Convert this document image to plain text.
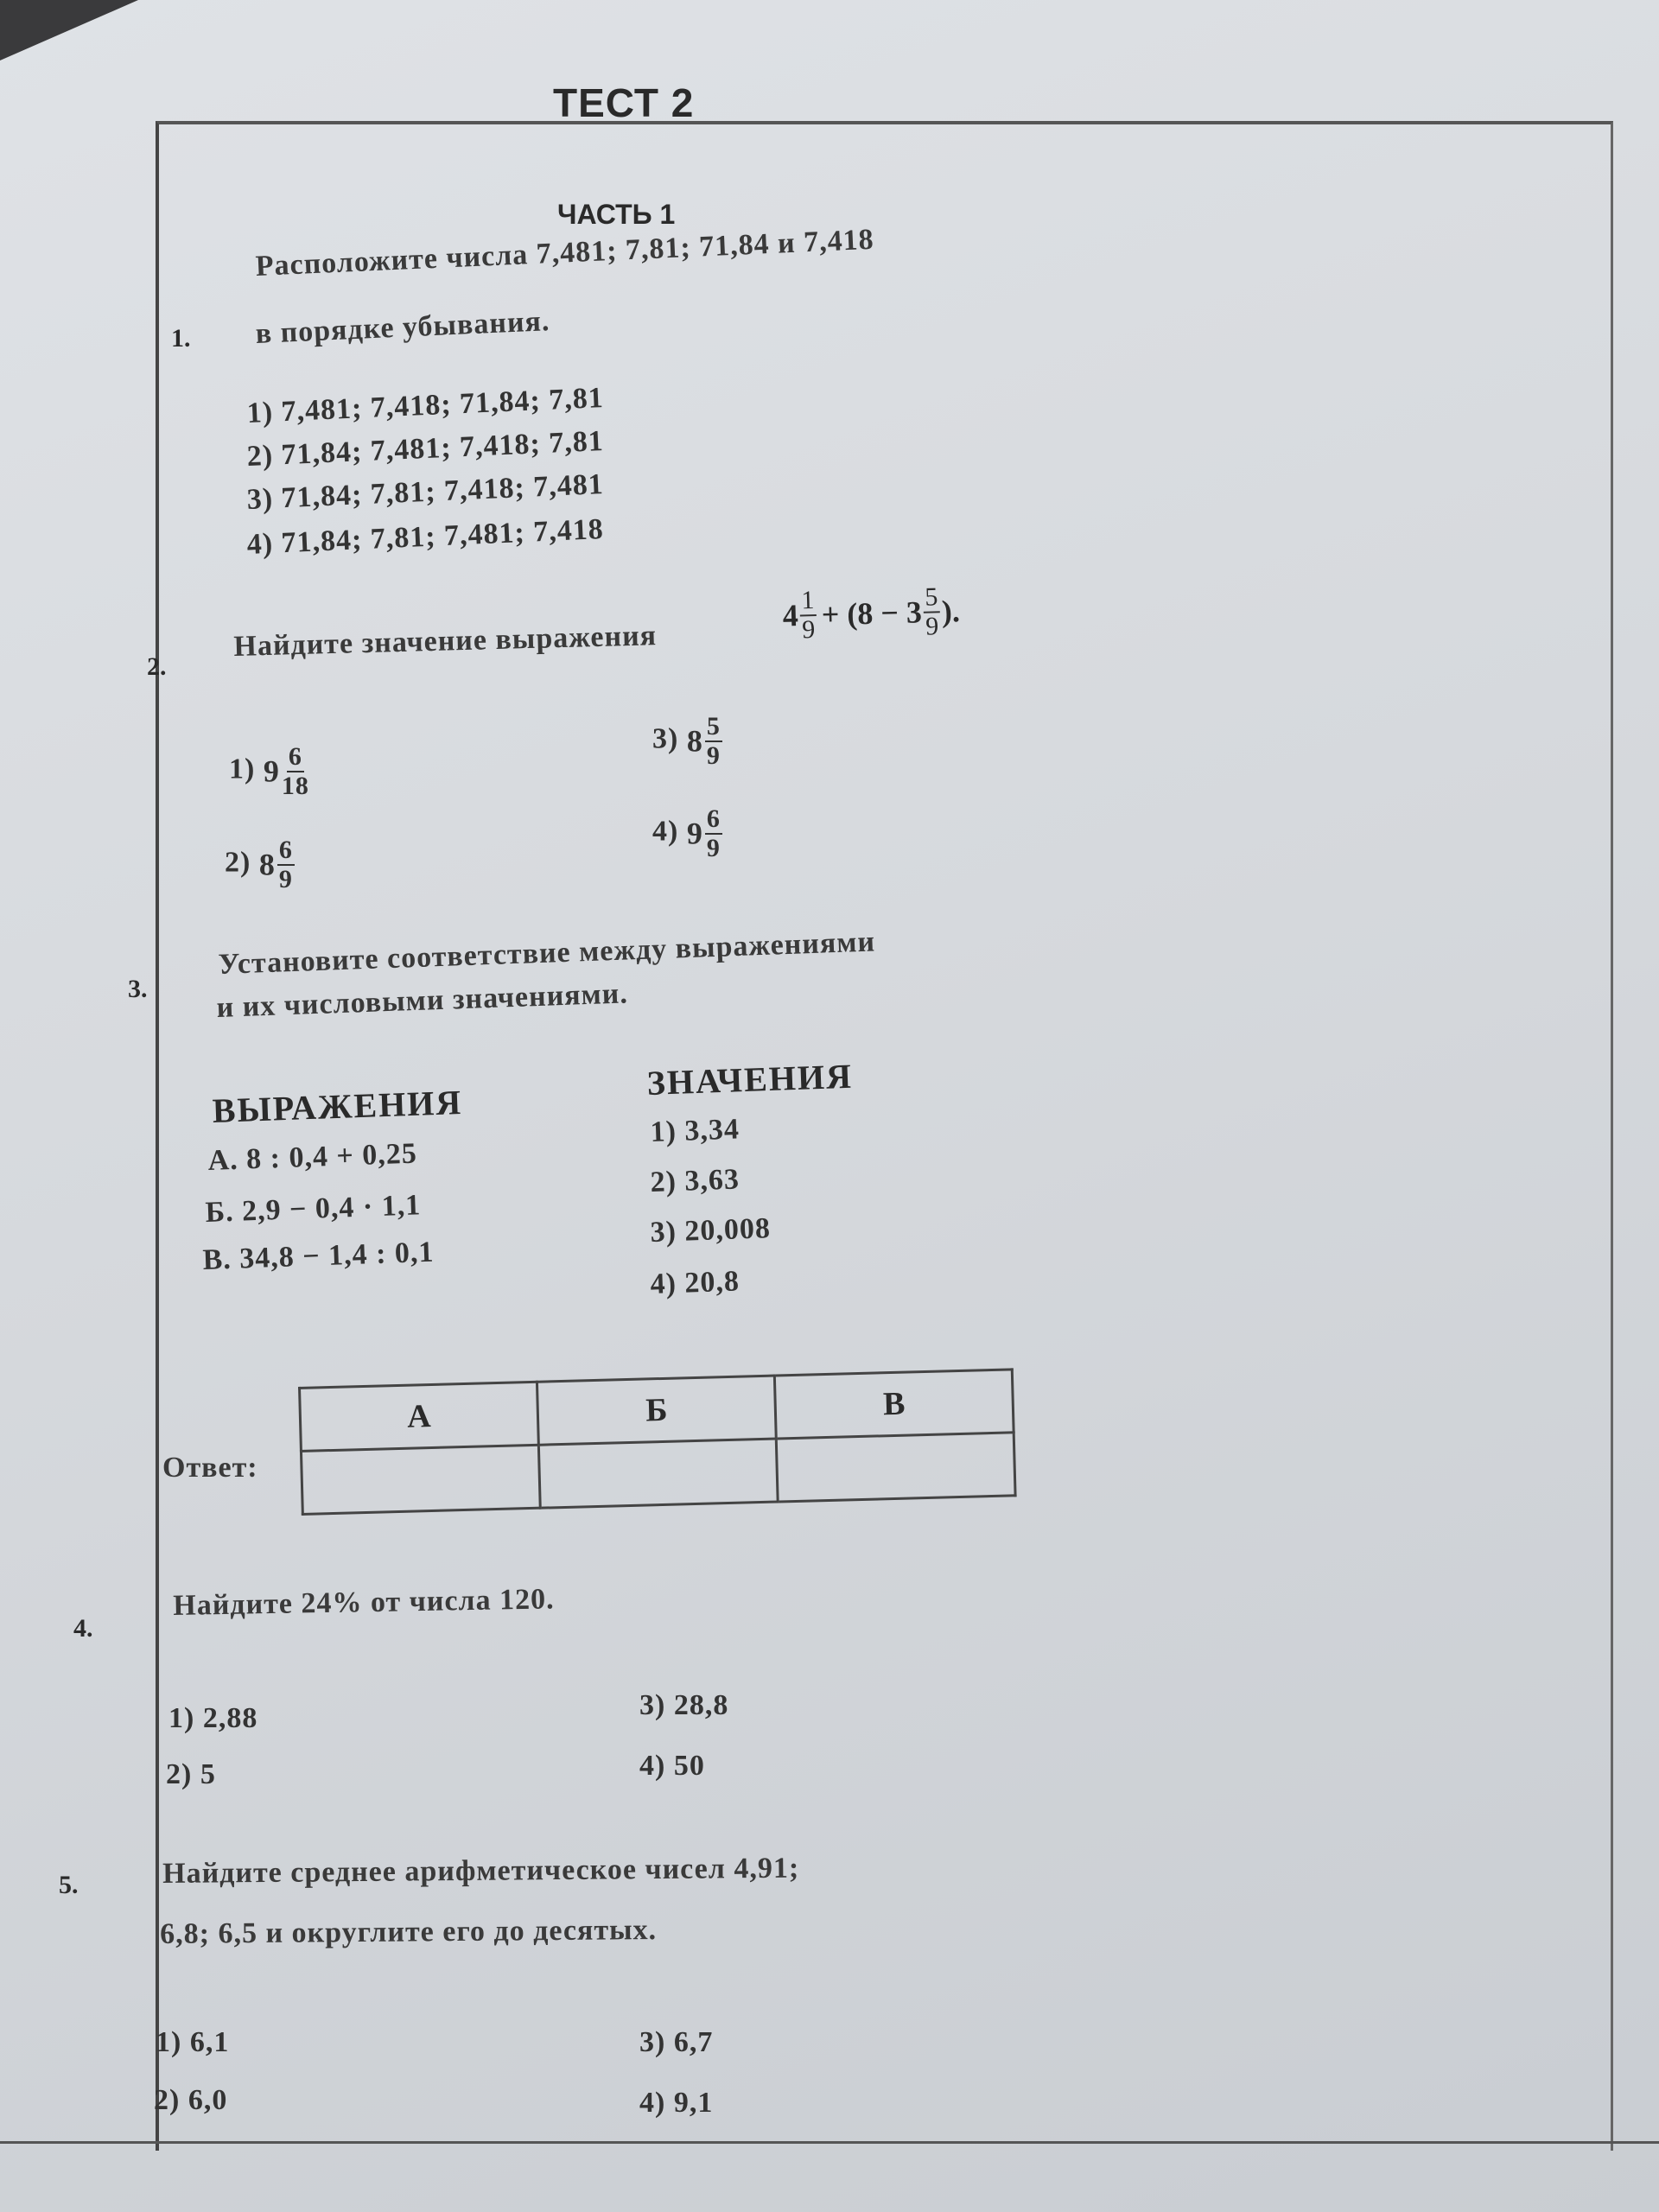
ТЕСТ 2
ЧАСТЬ 1
1.
Расположите числа 7,481; 7,81; 71,84 и 7,418
в порядке убывания.
1) 7,481; 7,418; 71,84; 7,81
2) 71,84; 7,481; 7,418; 7,81
3) 71,84; 7,81; 7,418; 7,481
4) 71,84; 7,81; 7,481; 7,418
2.
Найдите значение выражения
$4 \frac{1}{9} + (8 - 3 \frac{5}{9}$ ).
1) $9 \frac{6}{18}$
2) $8 \frac{6}{9}$
3) $8 \frac{5}{9}$
4) $9 \frac{6}{9}$
3.
Установите соответствие между выражениями
и их числовыми значениями.
ВЫРАЖЕНИЯ
А. 8 : 0,4 + 0,25
Б. 2,9 − 0,4 · 1,1
В. 34,8 − 1,4 : 0,1
ЗНАЧЕНИЯ
1) 3,34
2) 3,63
3) 20,008
4) 20,8
Ответ:
А	Б	В

4.
Найдите 24% от числа 120.
1) 2,88
2) 5
3) 28,8
4) 50
5.	Найдите среднее арифметическое чисел 4,91;
6,8; 6,5 и округлите его до десятых.
1) 6,1
2) 6,0
3) 6,7
4) 9,1
